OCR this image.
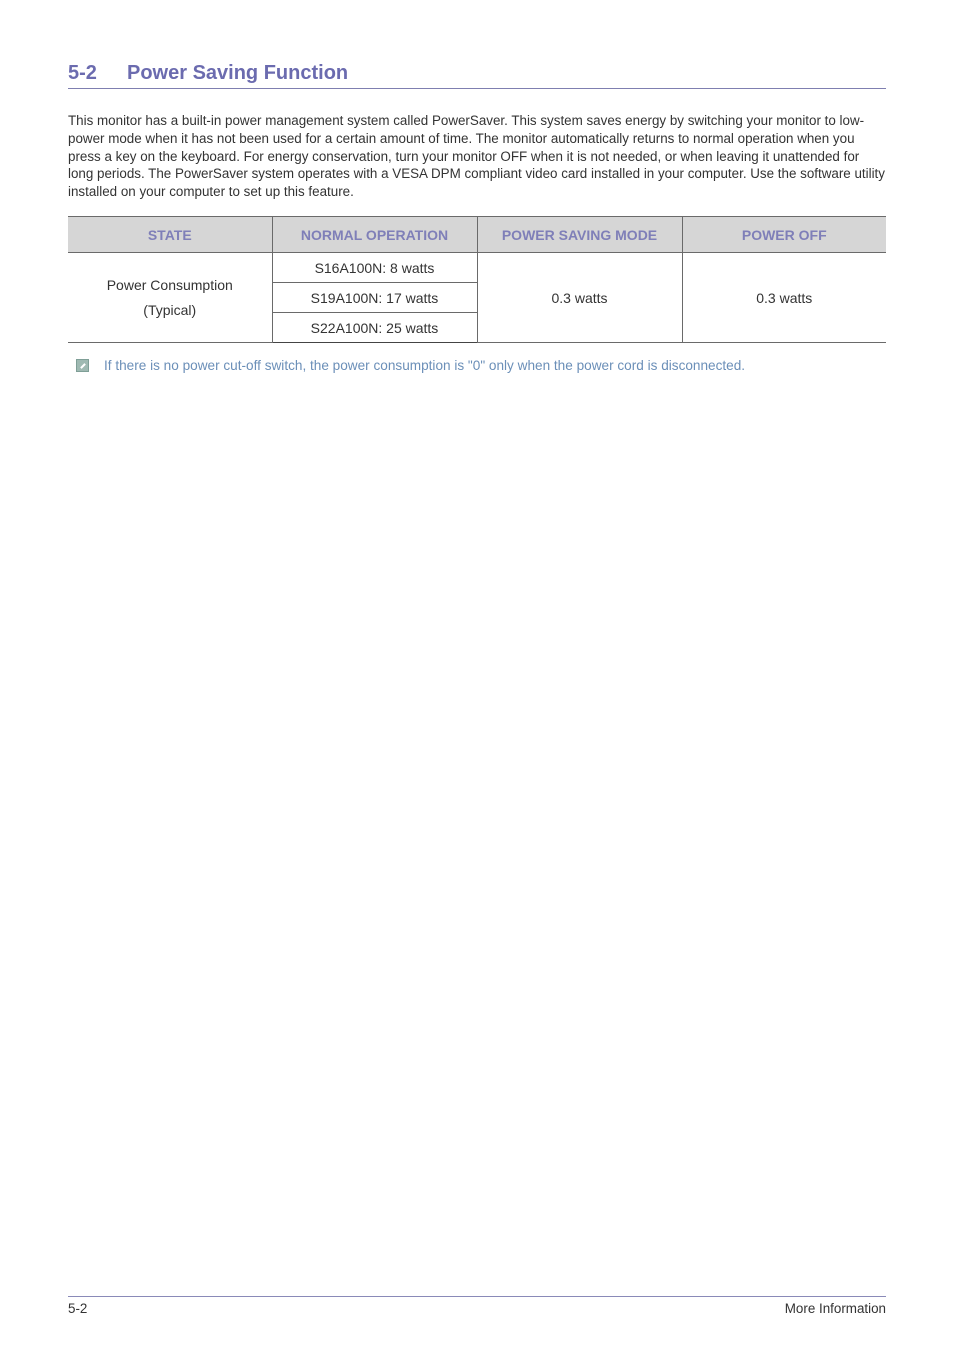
5-2 Power Saving Function

This monitor has a built-in power management system called PowerSaver. This system saves energy by switching your monitor to low-power mode when it has not been used for a certain amount of time. The monitor automatically returns to normal operation when you press a key on the keyboard. For energy conservation, turn your monitor OFF when it is not needed, or when leaving it unattended for long periods. The PowerSaver system operates with a VESA DPM compliant video card installed in your computer. Use the software utility installed on your computer to set up this feature.

STATE	NORMAL OPERATION	POWER SAVING MODE	POWER OFF
Power Consumption
(Typical)	S16A100N: 8 watts	0.3 watts	0.3 watts
	S19A100N: 17 watts		
	S22A100N: 25 watts		
If there is no power cut-off switch, the power consumption is "0" only when the power cord is disconnected.
5-2	More Information
